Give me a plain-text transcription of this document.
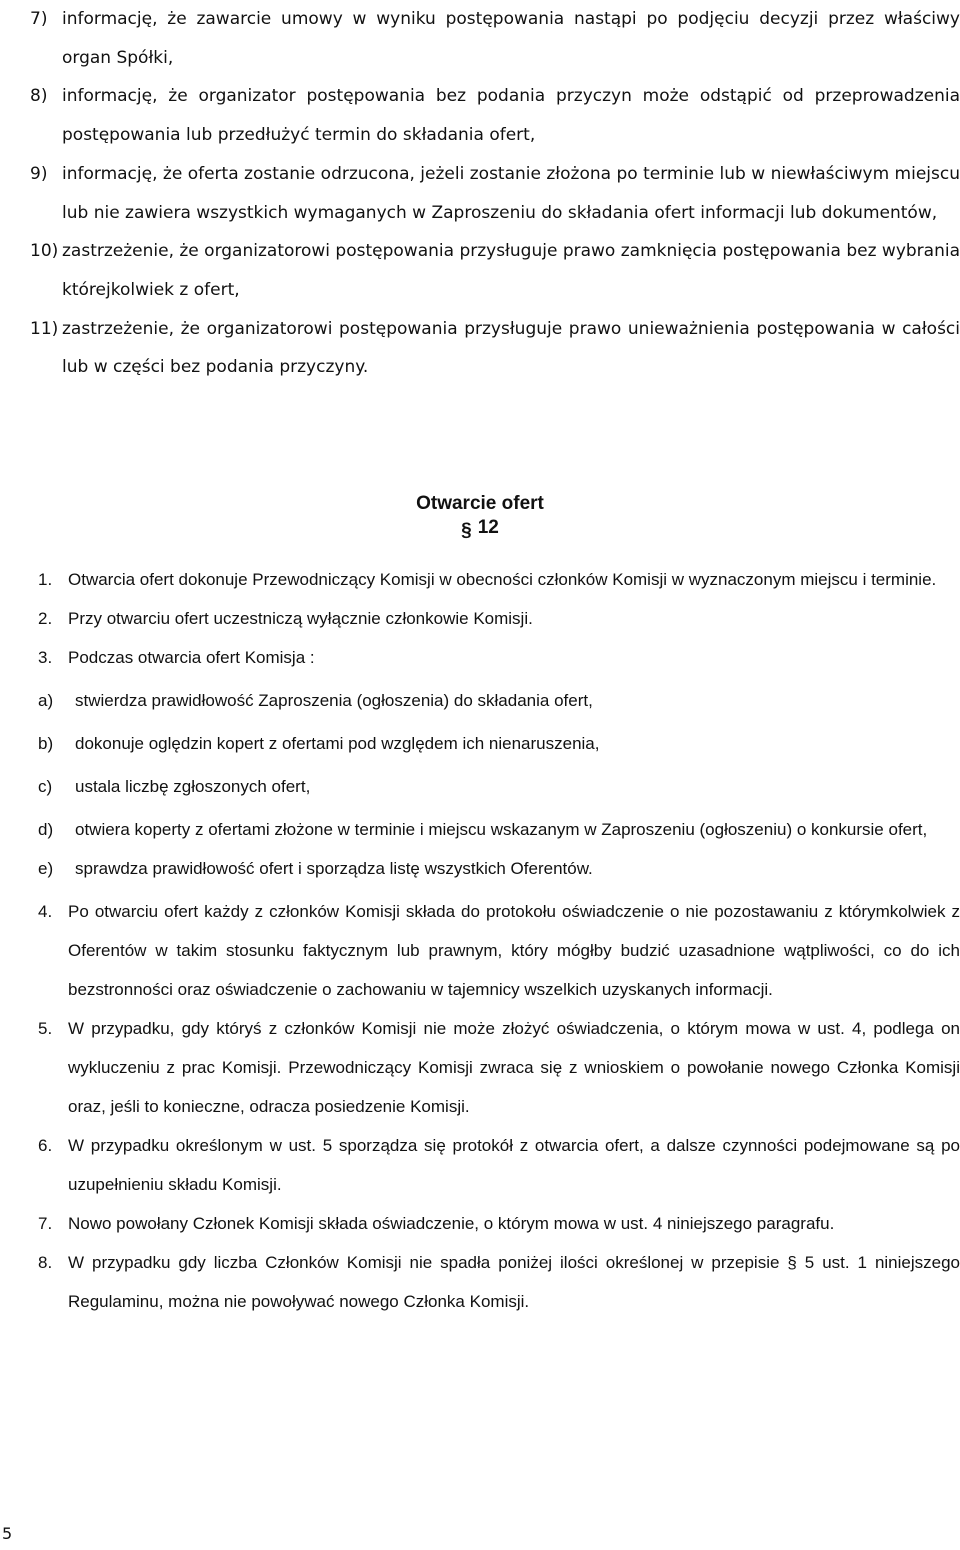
7) informację, że zawarcie umowy w wyniku postępowania nastąpi po podjęciu decyzji przez właściwy organ Spółki,
8) informację, że organizator postępowania bez podania przyczyn może odstąpić od przeprowadzenia postępowania lub przedłużyć termin do składania ofert,
9) informację, że oferta zostanie odrzucona, jeżeli zostanie złożona po terminie lub w niewłaściwym miejscu lub nie zawiera wszystkich wymaganych w Zaproszeniu do składania ofert informacji lub dokumentów,
10) zastrzeżenie, że organizatorowi postępowania przysługuje prawo zamknięcia postępowania bez wybrania którejkolwiek z ofert,
11) zastrzeżenie, że organizatorowi postępowania przysługuje prawo unieważnienia postępowania w całości lub w części bez podania przyczyny.
Otwarcie ofert
§ 12
1. Otwarcia ofert dokonuje Przewodniczący Komisji w obecności członków Komisji w wyznaczonym miejscu i terminie.
2. Przy otwarciu ofert uczestniczą wyłącznie członkowie Komisji.
3. Podczas otwarcia ofert Komisja :
a)	stwierdza prawidłowość Zaproszenia (ogłoszenia) do składania ofert,
b)	dokonuje oględzin kopert z ofertami pod względem ich nienaruszenia,
c)	ustala liczbę zgłoszonych ofert,
d)	otwiera koperty z ofertami złożone w terminie i miejscu wskazanym w Zaproszeniu (ogłoszeniu) o konkursie ofert,
e)	sprawdza prawidłowość ofert i sporządza listę wszystkich Oferentów.
4. Po otwarciu ofert każdy z członków Komisji składa do protokołu oświadczenie o nie pozostawaniu z którymkolwiek z Oferentów w takim stosunku faktycznym lub prawnym, który mógłby budzić uzasadnione wątpliwości, co do ich bezstronności oraz oświadczenie o zachowaniu w tajemnicy wszelkich uzyskanych informacji.
5. W przypadku, gdy któryś z członków Komisji nie może złożyć oświadczenia, o którym mowa w ust. 4, podlega on wykluczeniu z prac Komisji. Przewodniczący Komisji zwraca się z wnioskiem o powołanie nowego Członka Komisji oraz, jeśli to konieczne, odracza posiedzenie Komisji.
6. W przypadku określonym w ust. 5 sporządza się protokół z otwarcia ofert, a dalsze czynności podejmowane są po uzupełnieniu składu Komisji.
7. Nowo powołany Członek Komisji składa oświadczenie, o którym mowa w ust. 4 niniejszego paragrafu.
8. W przypadku gdy liczba Członków Komisji nie spadła poniżej ilości określonej w przepisie § 5 ust. 1 niniejszego Regulaminu, można nie powoływać nowego Członka Komisji.
5
